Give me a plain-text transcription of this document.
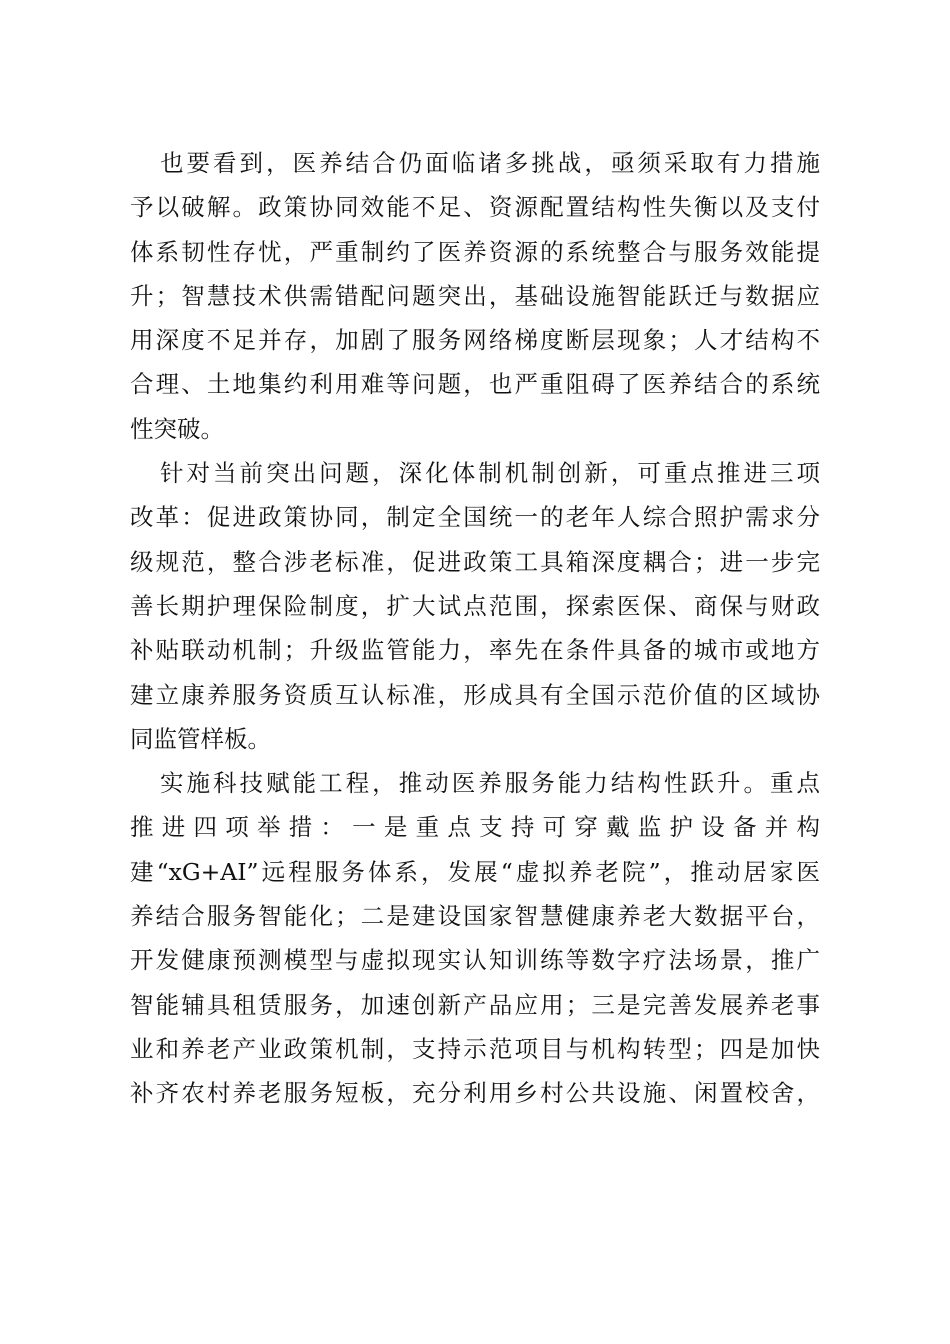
也要看到，医养结合仍面临诸多挑战，亟须采取有力措施
予以破解。政策协同效能不足、资源配置结构性失衡以及支付
体系韧性存忧，严重制约了医养资源的系统整合与服务效能提
升；智慧技术供需错配问题突出，基础设施智能跃迁与数据应
用深度不足并存，加剧了服务网络梯度断层现象；人才结构不
合理、土地集约利用难等问题，也严重阻碍了医养结合的系统
性突破。
针对当前突出问题，深化体制机制创新，可重点推进三项
改革：促进政策协同，制定全国统一的老年人综合照护需求分
级规范，整合涉老标准，促进政策工具箱深度耦合；进一步完
善长期护理保险制度，扩大试点范围，探索医保、商保与财政
补贴联动机制；升级监管能力，率先在条件具备的城市或地方
建立康养服务资质互认标准，形成具有全国示范价值的区域协
同监管样板。
实施科技赋能工程，推动医养服务能力结构性跃升。重点
推进四项举措：一是重点支持可穿戴监护设备并构
建“xG+AI”远程服务体系，发展“虚拟养老院”，推动居家医
养结合服务智能化；二是建设国家智慧健康养老大数据平台，
开发健康预测模型与虚拟现实认知训练等数字疗法场景，推广
智能辅具租赁服务，加速创新产品应用；三是完善发展养老事
业和养老产业政策机制，支持示范项目与机构转型；四是加快
补齐农村养老服务短板，充分利用乡村公共设施、闲置校舍，
